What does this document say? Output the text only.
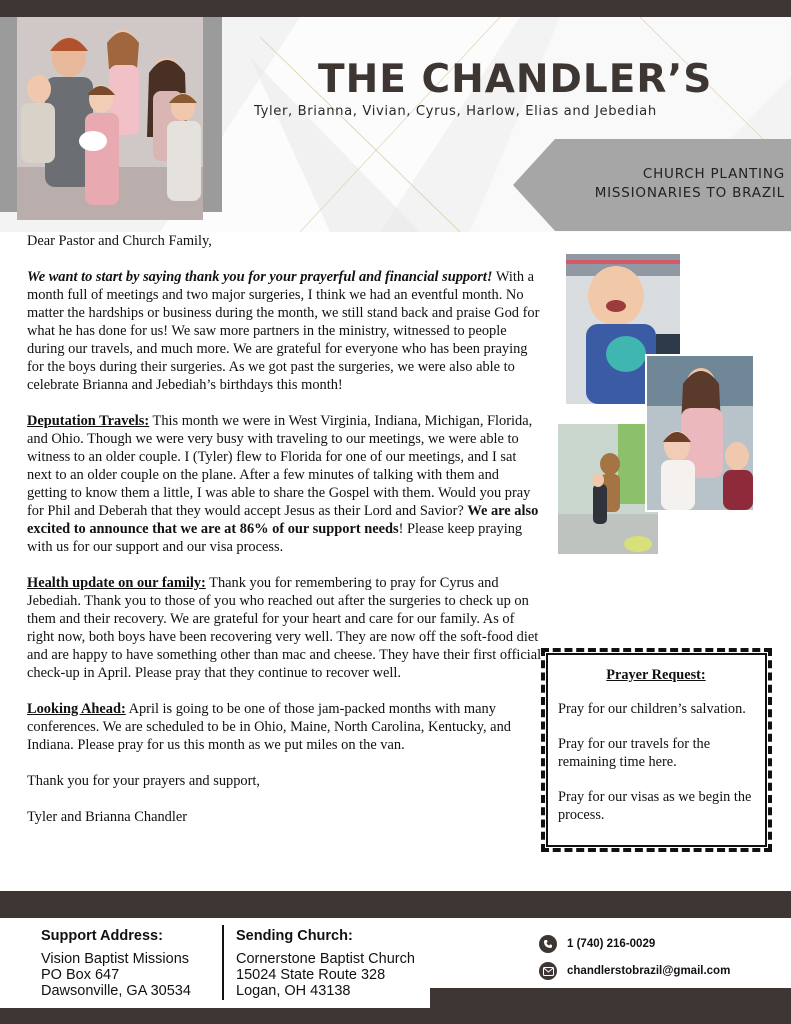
THE CHANDLER’S
Tyler, Brianna, Vivian, Cyrus, Harlow, Elias and Jebediah
CHURCH PLANTING
MISSIONARIES TO BRAZIL

Dear Pastor and Church Family,

We want to start by saying thank you for your prayerful and financial support! With a month full of meetings and two major surgeries, I think we had an eventful month. No matter the hardships or business during the month, we still stand back and praise God for what he has done for us! We saw more partners in the ministry, witnessed to people during our travels, and much more. We are grateful for everyone who has been praying for the boys during their surgeries. As we got past the surgeries, we were also able to celebrate Brianna and Jebediah’s birthdays this month!

Deputation Travels: This month we were in West Virginia, Indiana, Michigan, Florida, and Ohio. Though we were very busy with traveling to our meetings, we were able to witness to an older couple. I (Tyler) flew to Florida for one of our meetings, and I sat next to an older couple on the plane. After a few minutes of talking with them and getting to know them a little, I was able to share the Gospel with them. Would you pray for Phil and Deberah that they would accept Jesus as their Lord and Savior? We are also excited to announce that we are at 86% of our support needs! Please keep praying with us for our support and our visa process.

Health update on our family: Thank you for remembering to pray for Cyrus and Jebediah. Thank you to those of you who reached out after the surgeries to check up on them and their recovery. We are grateful for your heart and care for our family. As of right now, both boys have been recovering very well. They are now off the soft-food diet and are happy to have something other than mac and cheese. They have their first official check-up in April. Please pray that they continue to recover well.

Looking Ahead: April is going to be one of those jam-packed months with many conferences. We are scheduled to be in Ohio, Maine, North Carolina, Kentucky, and Indiana. Please pray for us this month as we put miles on the van.

Thank you for your prayers and support,

Tyler and Brianna Chandler

Prayer Request:
Pray for our children’s salvation.
Pray for our travels for the remaining time here.
Pray for our visas as we begin the process.
Support Address:
Vision Baptist Missions
PO Box 647
Dawsonville, GA 30534
Sending Church:
Cornerstone Baptist Church
15024 State Route 328
Logan, OH 43138
1 (740) 216-0029
chandlerstobrazil@gmail.com
